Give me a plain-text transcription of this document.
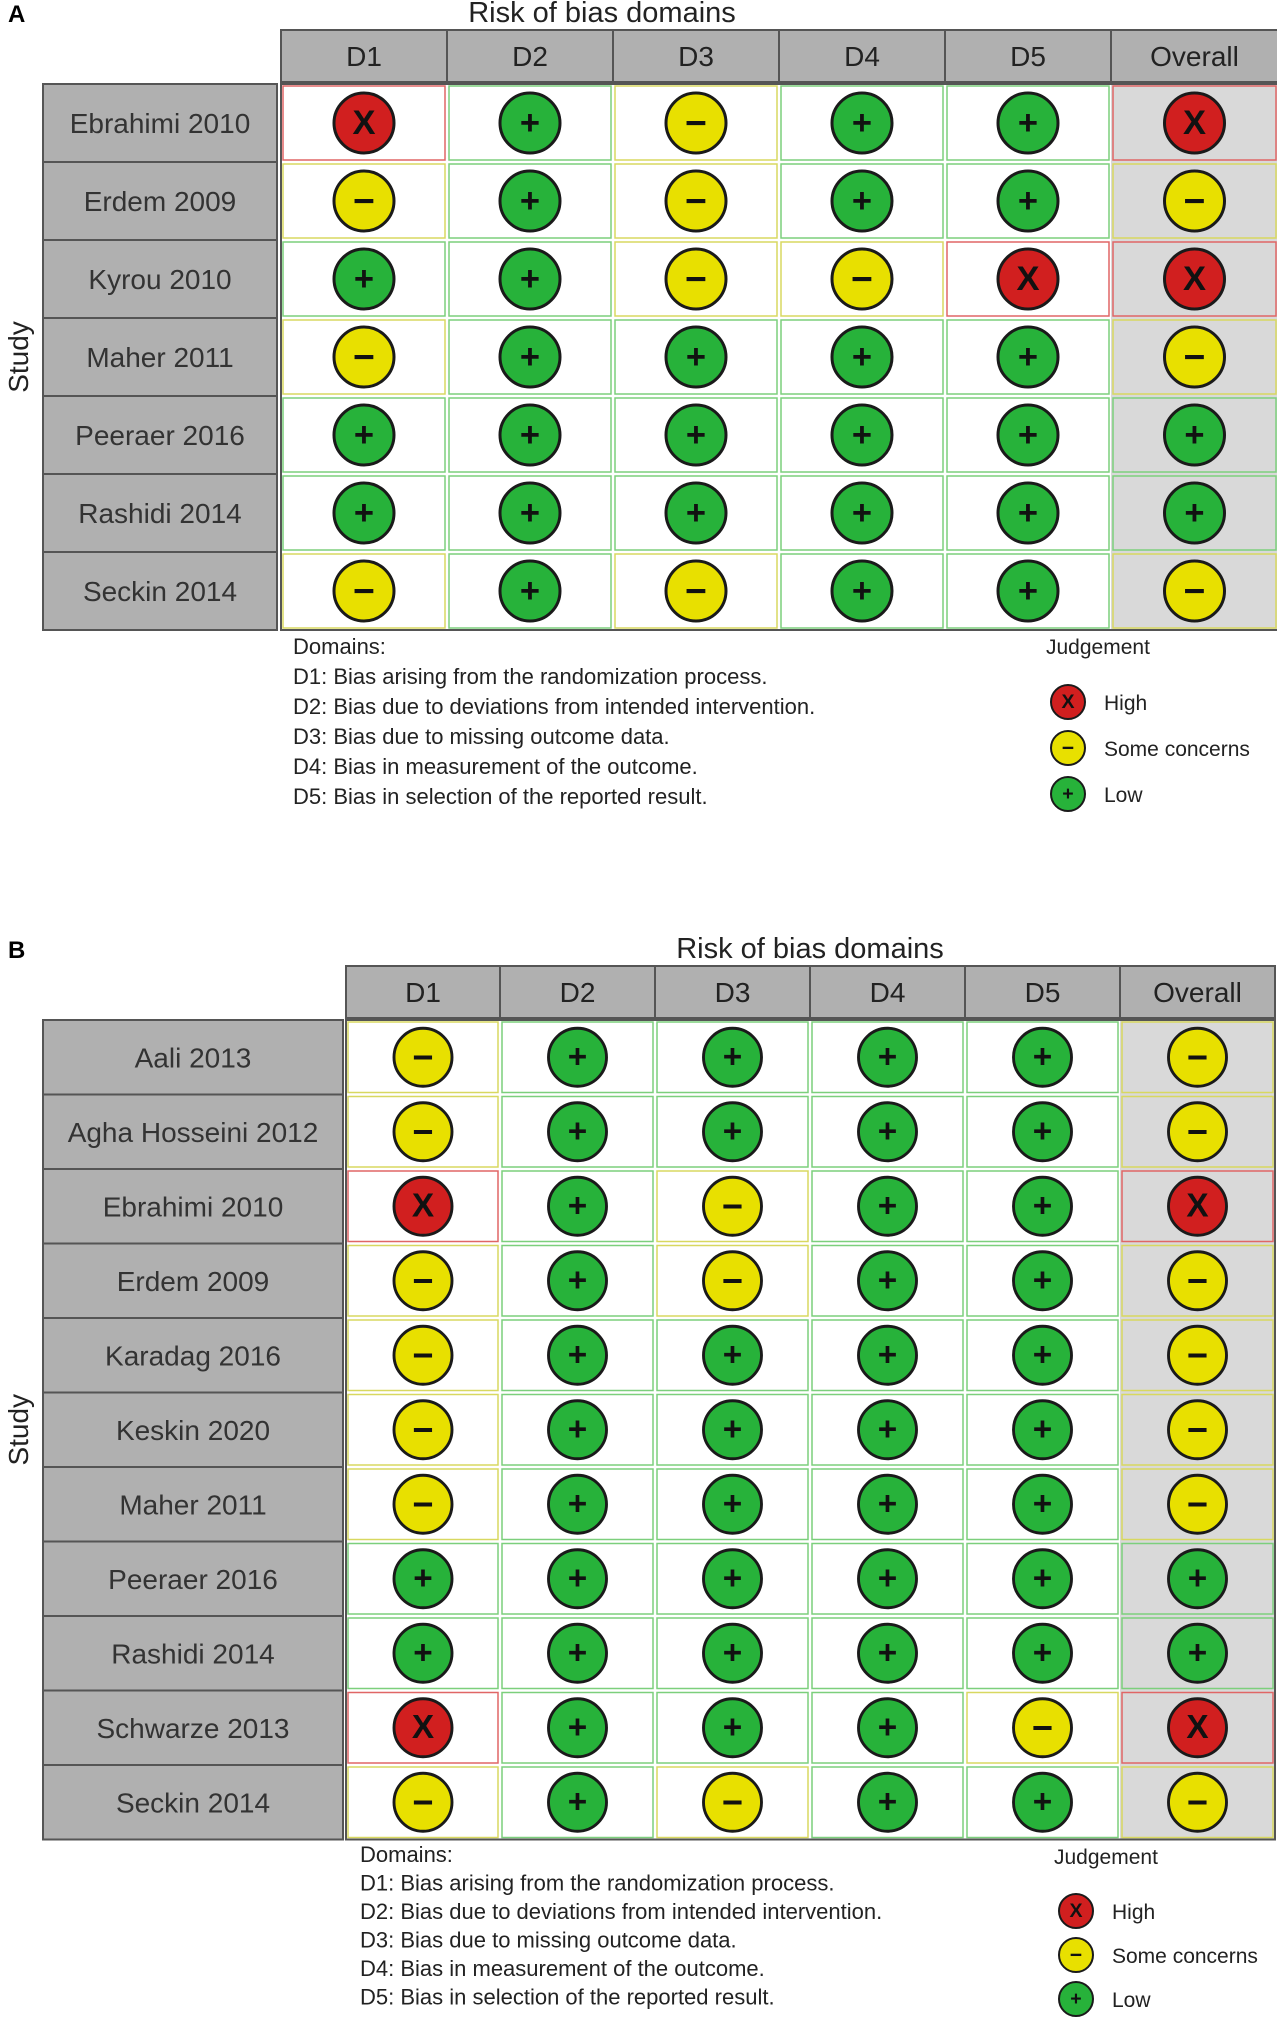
A	Risk of bias domains
D1	D2	D3	D4	D5	Overall
Ebrahimi 2010	X	+	−	+	+	X
Erdem 2009	−	+	−	+	+	−
Kyrou 2010	+	+	−	−	X	X
Maher 2011	−	+	+	+	+	−
Peeraer 2016	+	+	+	+	+	+
Rashidi 2014	+	+	+	+	+	+
Seckin 2014	−	+	−	+	+	−
Study
Domains:
D1: Bias arising from the randomization process.
D2: Bias due to deviations from intended intervention.
D3: Bias due to missing outcome data.
D4: Bias in measurement of the outcome.
D5: Bias in selection of the reported result.
Judgement
X High
− Some concerns
+ Low
B	Risk of bias domains
D1	D2	D3	D4	D5	Overall
Aali 2013	−	+	+	+	+	−
Agha Hosseini 2012	−	+	+	+	+	−
Ebrahimi 2010	X	+	−	+	+	X
Erdem 2009	−	+	−	+	+	−
Karadag 2016	−	+	+	+	+	−
Keskin 2020	−	+	+	+	+	−
Maher 2011	−	+	+	+	+	−
Peeraer 2016	+	+	+	+	+	+
Rashidi 2014	+	+	+	+	+	+
Schwarze 2013	X	+	+	+	−	X
Seckin 2014	−	+	−	+	+	−
Study
Domains:
D1: Bias arising from the randomization process.
D2: Bias due to deviations from intended intervention.
D3: Bias due to missing outcome data.
D4: Bias in measurement of the outcome.
D5: Bias in selection of the reported result.
Judgement
X High
− Some concerns
+ Low
